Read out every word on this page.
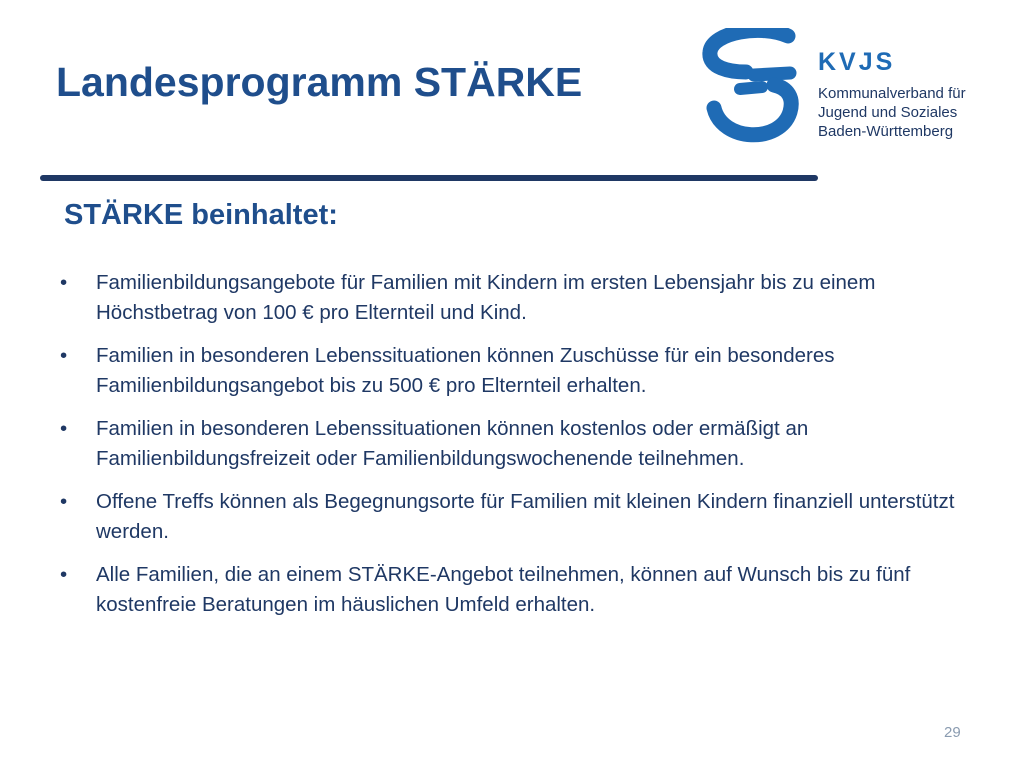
Landesprogramm STÄRKE	KVJS
Kommunalverband für
Jugend und Soziales
Baden-Württemberg
STÄRKE beinhaltet:
• Familienbildungsangebote für Familien mit Kindern im ersten Lebensjahr bis zu einem Höchstbetrag von 100 € pro Elternteil und Kind.
• Familien in besonderen Lebenssituationen können Zuschüsse für ein besonderes Familienbildungsangebot bis zu 500 € pro Elternteil erhalten.
• Familien in besonderen Lebenssituationen können kostenlos oder ermäßigt an Familienbildungsfreizeit oder Familienbildungswochenende teilnehmen.
• Offene Treffs können als Begegnungsorte für Familien mit kleinen Kindern finanziell unterstützt werden.
• Alle Familien, die an einem STÄRKE-Angebot teilnehmen, können auf Wunsch bis zu fünf kostenfreie Beratungen im häuslichen Umfeld erhalten.
29
